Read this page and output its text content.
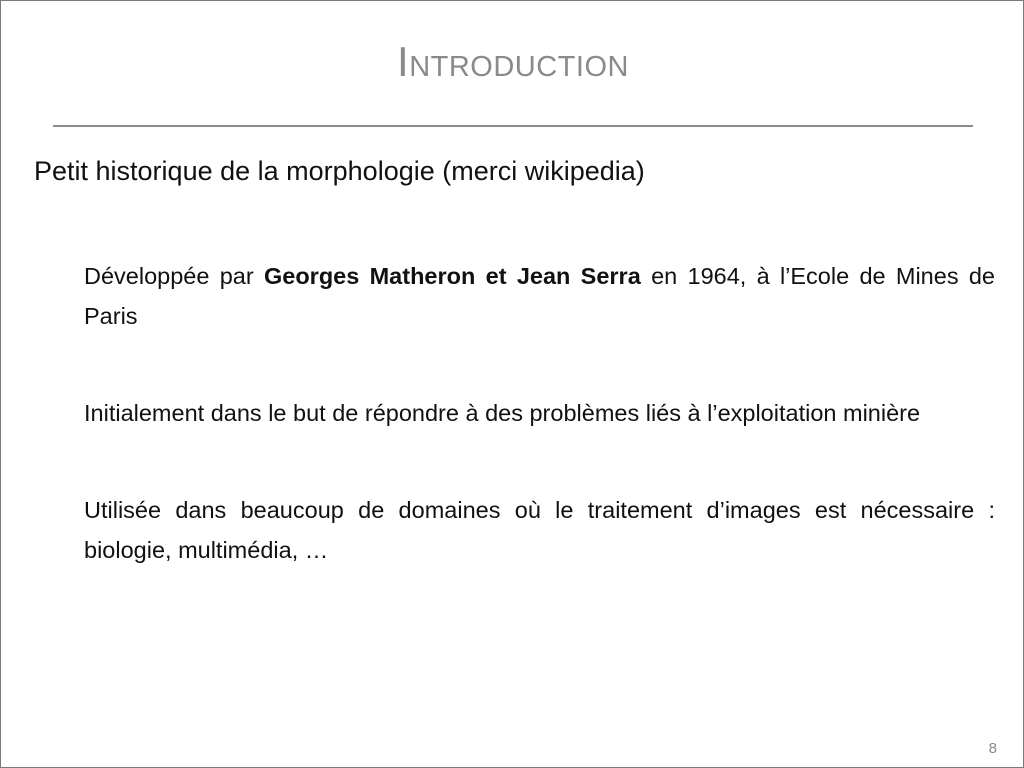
Introduction
Petit historique de la morphologie (merci wikipedia)

Développée par Georges Matheron et Jean Serra en 1964, à l’Ecole de Mines de Paris

Initialement dans le but de répondre à des problèmes liés à l’exploitation minière

Utilisée dans beaucoup de domaines où le traitement d’images est nécessaire : biologie, multimédia, …

8
